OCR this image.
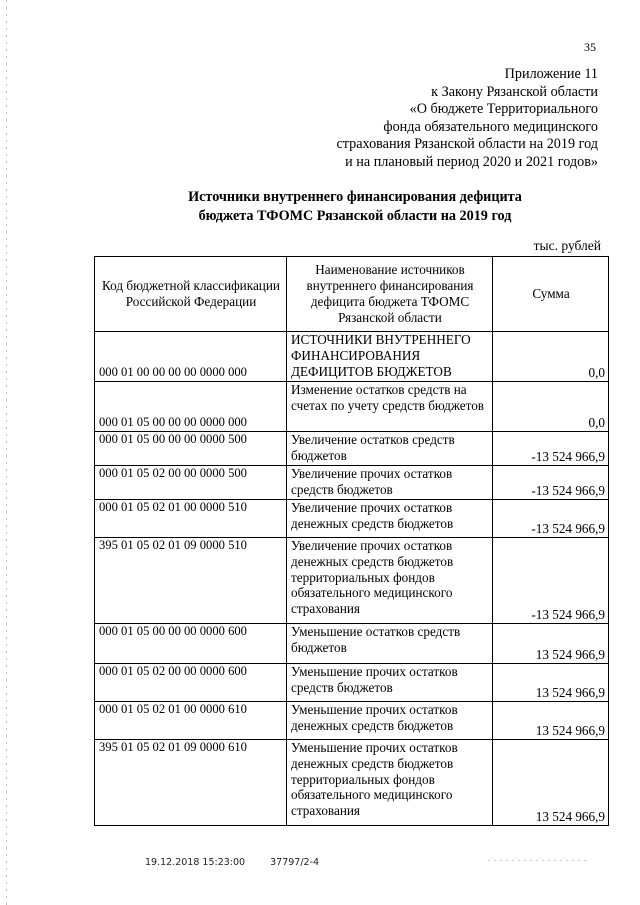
35
Приложение 11
к Закону Рязанской области
«О бюджете Территориального
фонда обязательного медицинского
страхования Рязанской области на 2019 год
и на плановый период 2020 и 2021 годов»
Источники внутреннего финансирования дефицита
бюджета ТФОМС Рязанской области на 2019 год
тыс. рублей
Код бюджетной классификации Российской Федерации	Наименование источников внутреннего финансирования дефицита бюджета ТФОМС Рязанской области	Сумма
000 01 00 00 00 00 0000 000	ИСТОЧНИКИ ВНУТРЕННЕГО ФИНАНСИРОВАНИЯ ДЕФИЦИТОВ БЮДЖЕТОВ	0,0
000 01 05 00 00 00 0000 000	Изменение остатков средств на счетах по учету средств бюджетов	0,0
000 01 05 00 00 00 0000 500	Увеличение остатков средств бюджетов	-13 524 966,9
000 01 05 02 00 00 0000 500	Увеличение прочих остатков средств бюджетов	-13 524 966,9
000 01 05 02 01 00 0000 510	Увеличение прочих остатков денежных средств бюджетов	-13 524 966,9
395 01 05 02 01 09 0000 510	Увеличение прочих остатков денежных средств бюджетов территориальных фондов обязательного медицинского страхования	-13 524 966,9
000 01 05 00 00 00 0000 600	Уменьшение остатков средств бюджетов	13 524 966,9
000 01 05 02 00 00 0000 600	Уменьшение прочих остатков средств бюджетов	13 524 966,9
000 01 05 02 01 00 0000 610	Уменьшение прочих остатков денежных средств бюджетов	13 524 966,9
395 01 05 02 01 09 0000 610	Уменьшение прочих остатков денежных средств бюджетов территориальных фондов обязательного медицинского страхования	13 524 966,9
19.12.2018 15:23:00	37797/2-4
